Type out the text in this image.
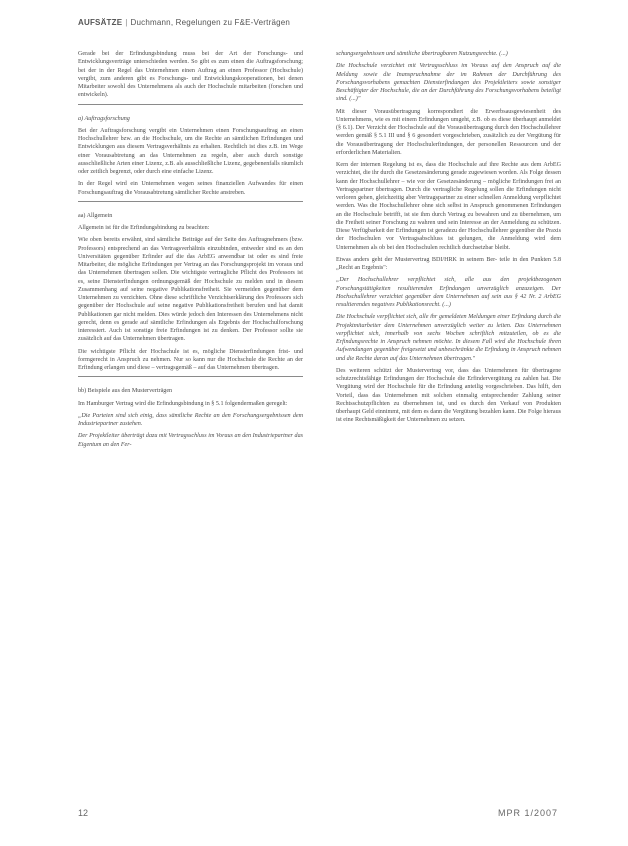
AUFSÄTZE | Duchmann, Regelungen zu F&E-Verträgen

Gerade bei der Erfindungsbindung muss bei der Art der Forschungs- und Entwicklungsverträge unterschieden werden. So gibt es zum einen die Auftragsforschung; bei der in der Regel das Unternehmen einen Auftrag an einen Professor (Hochschule) vergibt, zum anderen gibt es Forschungs- und Entwicklungskooperationen, bei denen Mitarbeiter sowohl des Unternehmens als auch der Hochschule mitarbeiten (forschen und entwickeln).

a) Auftragsforschung

Bei der Auftragsforschung vergibt ein Unternehmen einen Forschungsauftrag an einen Hochschullehrer bzw. an die Hochschule, um die Rechte an sämtlichen Erfindungen und Entwicklungen aus diesem Vertragsverhältnis zu erhalten. Rechtlich ist dies z.B. im Wege einer Vorausabtretung an das Unternehmen zu regeln, aber auch durch sonstige ausschließliche Arten einer Lizenz, z.B. als ausschließliche Lizenz, gegebenenfalls räumlich oder zeitlich begrenzt, oder durch eine einfache Lizenz.

In der Regel wird ein Unternehmen wegen seines finanziellen Aufwandes für einen Forschungsauftrag die Vorausabtretung sämtlicher Rechte anstreben.

aa) Allgemein

Allgemein ist für die Erfindungsbindung zu beachten:

Wie oben bereits erwähnt, sind sämtliche Beiträge auf der Seite des Auftragnehmers (bzw. Professors) entsprechend an das Vertragsverhältnis einzubinden, entweder sind es an den Universitäten gegenüber Erfinder auf die das ArbEG anwendbar ist oder es sind freie Mitarbeiter, die mögliche Erfindungen per Vertrag an das Forschungsprojekt im voraus und das Unternehmen übertragen sollen. Die wichtigste vertragliche Pflicht des Professors ist es, seine Diensterfindungen ordnungsgemäß der Hochschule zu melden und in diesem Zusammenhang auf seine negative Publikationsfreiheit. Sie vermeiden gegenüber dem Unternehmen zu verzichten. Ohne diese schriftliche Verzichtserklärung des Professors sich gegenüber der Hochschule auf seine negative Publikationsfreiheit berufen und hat damit Publikationen gar nicht melden. Dies würde jedoch den Interessen des Unternehmens nicht gerecht, denn es gerade auf sämtliche Erfindungen als Ergebnis der Hochschulforschung interessiert. Auch ist sonstige freie Erfindungen ist zu denken. Der Professor sollte sie zusätzlich auf das Unternehmen übertragen.

Die wichtigste Pflicht der Hochschule ist es, mögliche Diensterfindungen frist- und formgerecht in Anspruch zu nehmen. Nur so kann nur die Hochschule die Rechte an der Erfindung erlangen und diese – vertragsgemäß – auf das Unternehmen übertragen.

bb) Beispiele aus den Musterverträgen

Im Hamburger Vertrag wird die Erfindungsbindung in § 5.1 folgendermaßen geregelt:

„Die Parteien sind sich einig, dass sämtliche Rechte an den Forschungsergebnissen dem Industriepartner zustehen.

Der Projektleiter überträgt dazu mit Vertragsschluss im Voraus an den Industriepartner das Eigentum an den Fer-

schungsergebnissen und sämtliche übertragbaren Nutzungsrechte. (...)

Die Hochschule verzichtet mit Vertragsschluss im Voraus auf den Anspruch auf die Meldung sowie die Inanspruchnahme der im Rahmen der Durchführung des Forschungsvorhabens gemachten Diensterfindungen des Projektleiters sowie sonstiger Beschäftigter der Hochschule, die an der Durchführung des Forschungsvorhabens beteiligt sind. (...)"

Mit dieser Vorausübertragung korrespondiert die Erwerbsausgewiesenheit des Unternehmens, wie es mit einem Erfindungen umgeht, z.B. ob es diese überhaupt anmeldet (§ 6.1). Der Verzicht der Hochschule auf die Vorausübertragung durch den Hochschullehrer werden gemäß § 5.1 III und § 6 gesondert vorgeschrieben, zusätzlich zu der Vergütung für die Vorausübertragung der Hochschulerfindungen, der personellen Ressourcen und der erforderlichen Materialien.

Kern der internen Regelung ist es, dass die Hochschule auf ihre Rechte aus dem ArbEG verzichtet, die ihr durch die Gesetzesänderung gerade zugewiesen worden. Als Folge dessen kann der Hochschullehrer – wie vor der Gesetzesänderung – mögliche Erfindungen frei an Vertragspartner übertragen. Durch die vertragliche Regelung sollen die Erfindungen nicht verloren gehen, gleichzeitig aber Vertragspartner zu einer schnellen Anmeldung verpflichtet werden. Was die Hochschullehrer ohne sich selbst in Anspruch genommenen Erfindungen an die Hochschule betrifft, ist sie ihm durch Vertrag zu bewahren und zu übernehmen, um die Freiheit seiner Forschung zu wahren und sein Interesse an der Anmeldung zu schützen. Diese Verfügbarkeit der Erfindungen ist geradezu der Hochschullehrer gegenüber die Praxis der Hochschulen vor Vertragsabschluss ist gelungen, die Anmeldung wird dem Unternehmen als ob bei den Hochschulen rechtlich durchsetzbar bleibt.

Etwas anders geht der Mustervertrag BDI/HRK in seinem Ber- teile in den Punkten 5.8 „Recht an Ergebnis":

„Der Hochschullehrer verpflichtet sich, alle aus den projektbezogenen Forschungstätigkeiten resultierenden Erfindungen unverzüglich anzuzeigen. Der Hochschullehrer verzichtet gegenüber dem Unternehmen auf sein aus § 42 Nr. 2 ArbEG resultierendes negatives Publikationsrecht. (...)

Die Hochschule verpflichtet sich, alle ihr gemeldeten Meldungen einer Erfindung durch die Projektmitarbeiter dem Unternehmen unverzüglich weiter zu leiten. Das Unternehmen verpflichtet sich, innerhalb von sechs Wochen schriftlich mitzuteilen, ob es die Erfindungsrechte in Anspruch nehmen möchte. In diesem Fall wird die Hochschule ihren Aufwendungen gegenüber freigesetzt und unbeschränkte die Erfindung in Anspruch nehmen und die Rechte daran auf das Unternehmen übertragen."

Des weiteren schützt der Mustervertrag vor, dass das Unternehmen für übertragene schutzrechtsfähige Erfindungen der Hochschule die Erfindervergütung zu zahlen hat. Die Vergütung wird der Hochschule für die Erfindung anteilig vorgeschrieben. Das hilft, den Vorteil, dass das Unternehmen mit solchen einmalig entsprechender Zahlung seiner Rechtsschutzpflichten zu übernehmen ist, und es durch den Verkauf von Produkten überhaupt Geld einnimmt, mit dem es dann die Vergütung bezahlen kann. Die Folge hieraus ist eine Rechtsmäßigkeit der Unternehmen zu setzen.

12	MPR 1/2007
